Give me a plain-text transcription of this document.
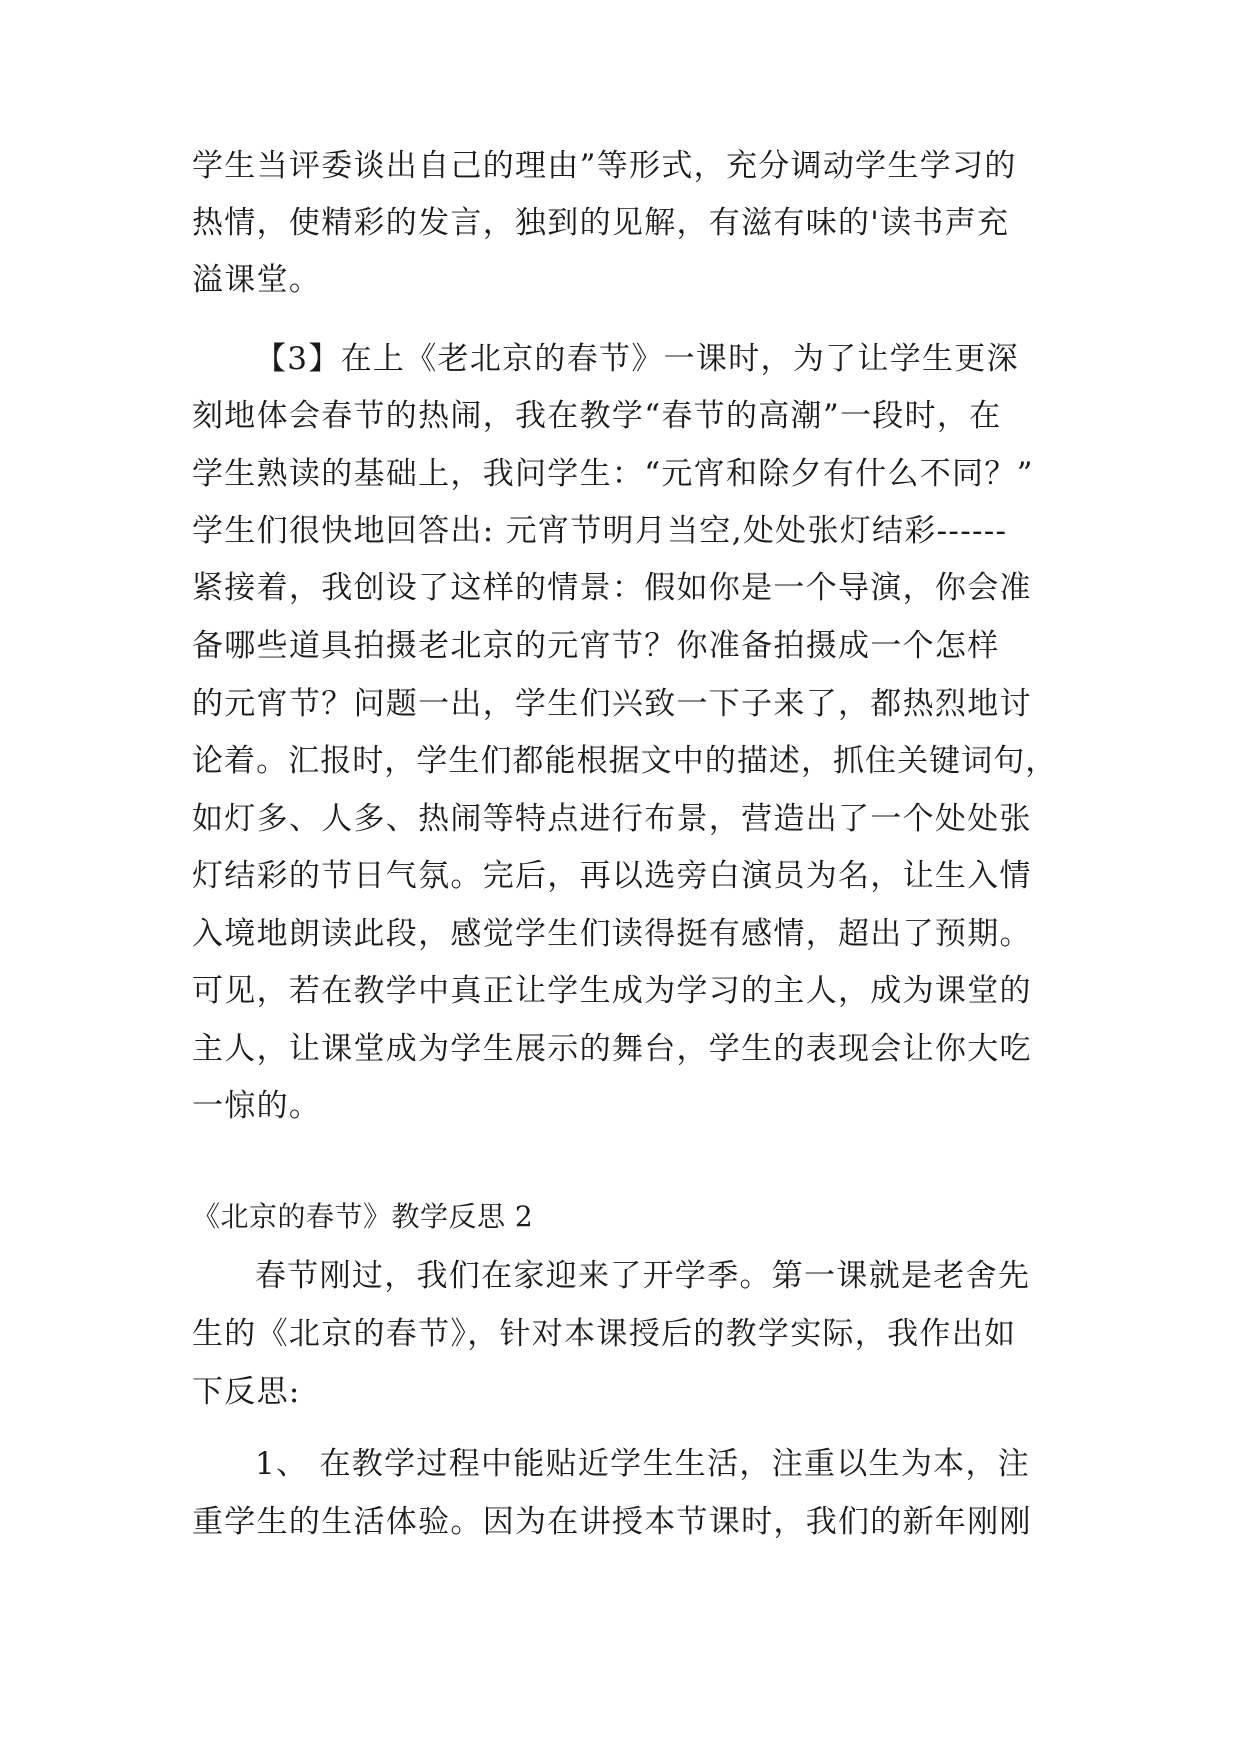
学生当评委谈出自己的理由”等形式，充分调动学生学习的
热情，使精彩的发言，独到的见解，有滋有味的'读书声充
溢课堂。
【3】在上《老北京的春节》一课时，为了让学生更深
刻地体会春节的热闹，我在教学“春节的高潮”一段时，在
学生熟读的基础上，我问学生：“元宵和除夕有什么不同？”
学生们很快地回答出: 元宵节明月当空,处处张灯结彩------
紧接着，我创设了这样的情景：假如你是一个导演，你会准
备哪些道具拍摄老北京的元宵节？你准备拍摄成一个怎样
的元宵节？问题一出，学生们兴致一下子来了，都热烈地讨
论着。汇报时，学生们都能根据文中的描述，抓住关键词句，
如灯多、人多、热闹等特点进行布景，营造出了一个处处张
灯结彩的节日气氛。完后，再以选旁白演员为名，让生入情
入境地朗读此段，感觉学生们读得挺有感情，超出了预期。
可见，若在教学中真正让学生成为学习的主人，成为课堂的
主人，让课堂成为学生展示的舞台，学生的表现会让你大吃
一惊的。
《北京的春节》教学反思 2
春节刚过，我们在家迎来了开学季。第一课就是老舍先
生的《北京的春节》，针对本课授后的教学实际，我作出如
下反思:
1、 在教学过程中能贴近学生生活，注重以生为本，注
重学生的生活体验。因为在讲授本节课时，我们的新年刚刚
